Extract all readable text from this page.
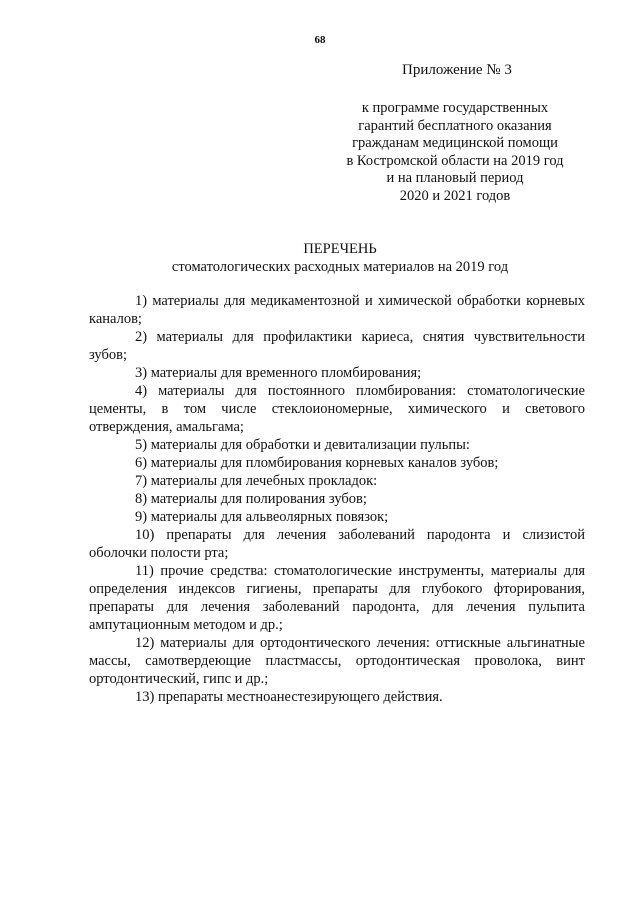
68
Приложение № 3
к программе государственных
гарантий бесплатного оказания
гражданам медицинской помощи
в Костромской области на 2019 год
и на плановый период
2020 и 2021 годов
ПЕРЕЧЕНЬ
стоматологических расходных материалов на 2019 год

1) материалы для медикаментозной и химической обработки корневых каналов;

2) материалы для профилактики кариеса, снятия чувствительности зубов;

3) материалы для временного пломбирования;

4) материалы для постоянного пломбирования: стоматологические цементы, в том числе стеклоиономерные, химического и светового отверждения, амальгама;

5) материалы для обработки и девитализации пульпы:

6) материалы для пломбирования корневых каналов зубов;

7) материалы для лечебных прокладок:

8) материалы для полирования зубов;

9) материалы для альвеолярных повязок;

10) препараты для лечения заболеваний пародонта и слизистой оболочки полости рта;

11) прочие средства: стоматологические инструменты, материалы для определения индексов гигиены, препараты для глубокого фторирования, препараты для лечения заболеваний пародонта, для лечения пульпита ампутационным методом и др.;

12) материалы для ортодонтического лечения: оттискные альгинатные массы, самотвердеющие пластмассы, ортодонтическая проволока, винт ортодонтический, гипс и др.;

13) препараты местноанестезирующего действия.
